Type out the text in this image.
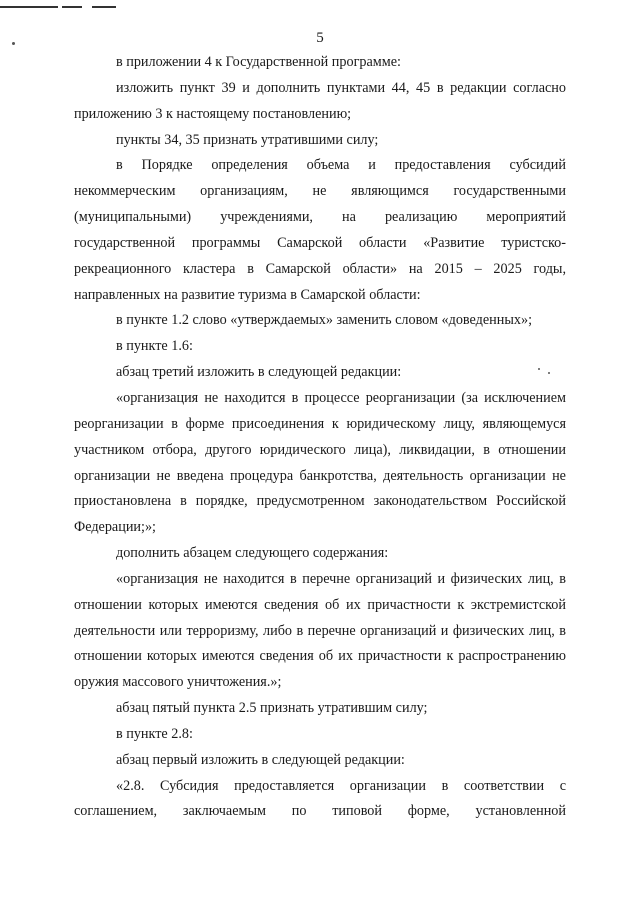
5

в приложении 4 к Государственной программе:

изложить пункт 39 и дополнить пунктами 44, 45 в редакции согласно приложению 3 к настоящему постановлению;

пункты 34, 35 признать утратившими силу;

в Порядке определения объема и предоставления субсидий некоммерческим организациям, не являющимся государственными (муниципальными) учреждениями, на реализацию мероприятий государственной программы Самарской области «Развитие туристско-рекреационного кластера в Самарской области» на 2015 – 2025 годы, направленных на развитие туризма в Самарской области:

в пункте 1.2 слово «утверждаемых» заменить словом «доведенных»;

в пункте 1.6:

абзац третий изложить в следующей редакции:

«организация не находится в процессе реорганизации (за исключением реорганизации в форме присоединения к юридическому лицу, являющемуся участником отбора, другого юридического лица), ликвидации, в отношении организации не введена процедура банкротства, деятельность организации не приостановлена в порядке, предусмотренном законодательством Российской Федерации;»;

дополнить абзацем следующего содержания:

«организация не находится в перечне организаций и физических лиц, в отношении которых имеются сведения об их причастности к экстремистской деятельности или терроризму, либо в перечне организаций и физических лиц, в отношении которых имеются сведения об их причастности к распространению оружия массового уничтожения.»;

абзац пятый пункта 2.5 признать утратившим силу;

в пункте 2.8:

абзац первый изложить в следующей редакции:

«2.8. Субсидия предоставляется организации в соответствии с соглашением, заключаемым по типовой форме, установленной
